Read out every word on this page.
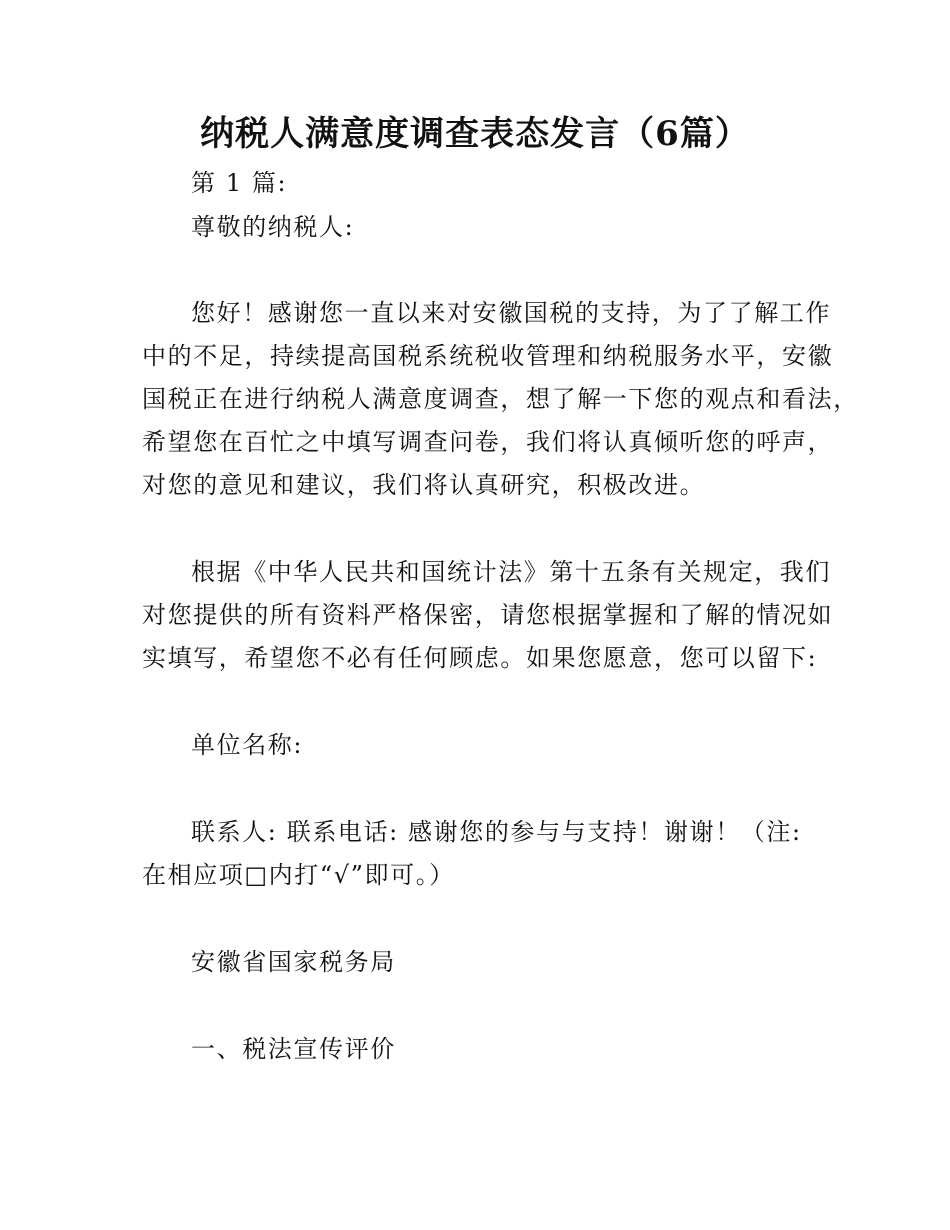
纳税人满意度调查表态发言（6篇）

第 1 篇:

尊敬的纳税人:

您好！感谢您一直以来对安徽国税的支持，为了了解工作

中的不足，持续提高国税系统税收管理和纳税服务水平，安徽

国税正在进行纳税人满意度调查，想了解一下您的观点和看法，

希望您在百忙之中填写调查问卷，我们将认真倾听您的呼声，

对您的意见和建议，我们将认真研究，积极改进。

根据《中华人民共和国统计法》第十五条有关规定，我们

对您提供的所有资料严格保密，请您根据掌握和了解的情况如

实填写，希望您不必有任何顾虑。如果您愿意，您可以留下:

单位名称:

联系人: 联系电话: 感谢您的参与与支持！谢谢！（注:

在相应项□内打“√”即可。）

安徽省国家税务局

一、税法宣传评价
